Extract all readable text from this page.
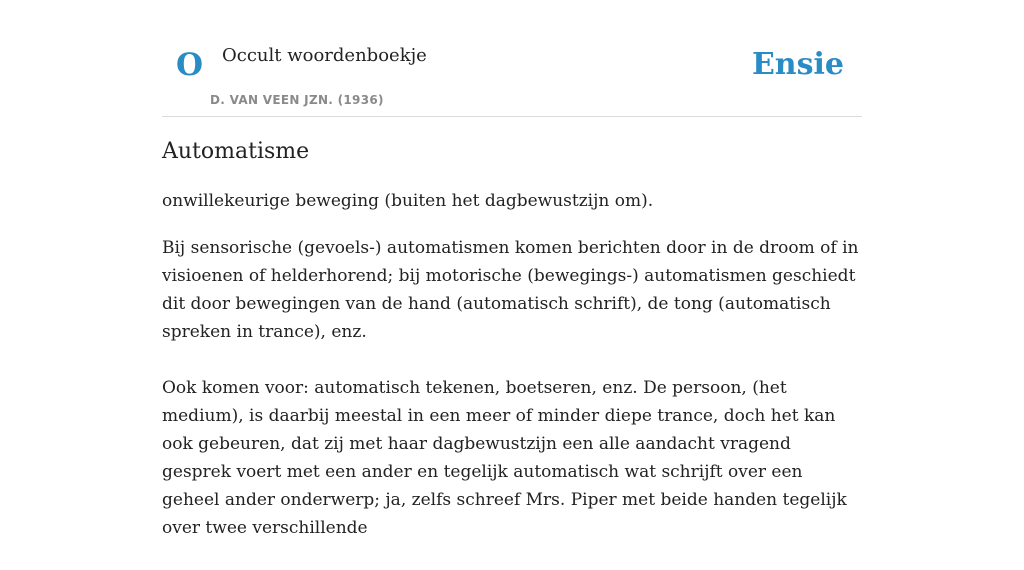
O Occult woordenboekje
D. VAN VEEN JZN. (1936)
Ensie
Automatisme

onwillekeurige beweging (buiten het dagbewustzijn om).

Bij sensorische (gevoels-) automatismen komen berichten door in de droom of in visioenen of helderhorend; bij motorische (bewegings-) automatismen geschiedt dit door bewegingen van de hand (automatisch schrift), de tong (automatisch spreken in trance), enz.

Ook komen voor: automatisch tekenen, boetseren, enz. De persoon, (het medium), is daarbij meestal in een meer of minder diepe trance, doch het kan ook gebeuren, dat zij met haar dagbewustzijn een alle aandacht vragend gesprek voert met een ander en tegelijk automatisch wat schrijft over een geheel ander onderwerp; ja, zelfs schreef Mrs. Piper met beide handen tegelijk over twee verschillende
